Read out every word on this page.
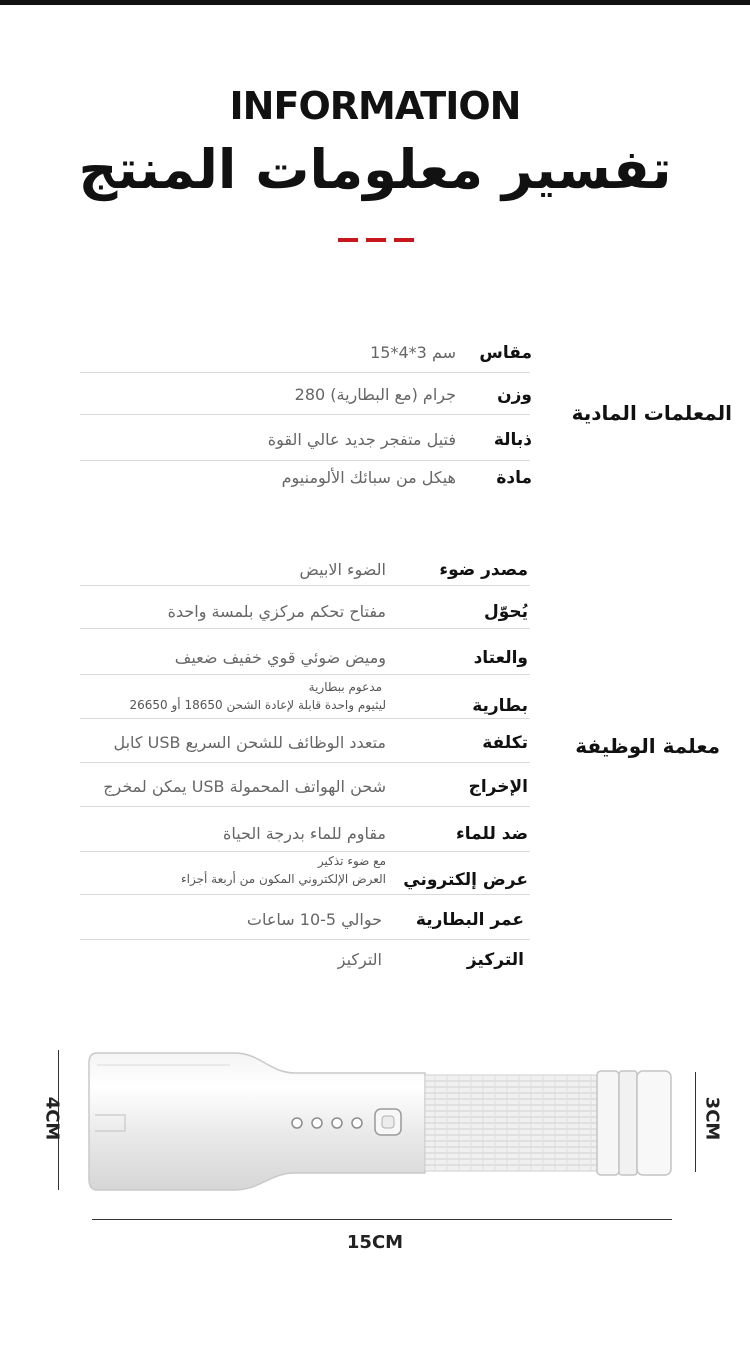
INFORMATION
تفسير معلومات المنتج
المعلمات المادية
مقاس
سم 3*4*15
وزن
جرام (مع البطارية) 280
ذبالة
فتيل متفجر جديد عالي القوة
مادة
هيكل من سبائك الألومنيوم
معلمة الوظيفة
مصدر ضوء
الضوء الابيض
يُحوّل
مفتاح تحكم مركزي بلمسة واحدة
والعتاد
وميض ضوئي قوي خفيف ضعيف
بطارية
مدعوم ببطارية
ليثيوم واحدة قابلة لإعادة الشحن 18650 أو 26650
تكلفة
متعدد الوظائف للشحن السريع USB كابل
الإخراج
شحن الهواتف المحمولة USB يمكن لمخرج
ضد للماء
مقاوم للماء بدرجة الحياة
عرض إلكتروني
مع ضوء تذكير
العرض الإلكتروني المكون من أربعة أجزاء
عمر البطارية
حوالي 5-10 ساعات
التركيز
التركيز
4CM	3CM
15CM
